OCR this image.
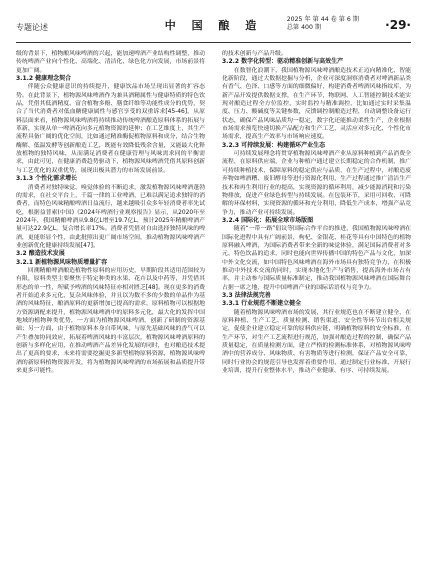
专题论述	中 国 酿 造	2025 年 第 44 卷 第 6 期
总第 400 期	·29·

级的背景下，植物酿风味啤酒的兴起，能加速啤酒产业结构性调整，推动传统啤酒产业向个性化、高端化、清洁化、绿色化方向发展，市场前景将更加广阔。

3.1.2 健康理念契合

伴随公众健康意识的持续提升，健康饮品市场呈现出显著的扩容态势。在此背景下，植物源风味啤酒作为兼具酒精属性与健康特质的特色饮品，凭借其低酒精度、富含植物多酚、膳食纤维等功能性成分的优势，契合了当代消费者对低血糖健康属性与感官享受的双重诉求[45-46]，从原料层面来看，植物源风味啤酒将持续推动传统啤酒酿造原料体系的拓展与革新，实现从单一啤酒花向多元植物资源的延伸；在工艺维度上，其生产流程具备广阔的优化空间，比如通过精准酶促植物原料和成分，结合生物酶解、低温发酵等创新酿造工艺，既能有效降低残余含量，又能最大化释放植物的独特风味，从而满足消费者在健康管理与风味需求同的平衡需求，由此可见，在健康消费趋势驱动下，植物源风味啤酒凭借其原料创新与工艺优化的双重优势，展现出极具潜力的市场发展前景。

3.1.3 个性化需求增长

消费者对独特味觉、嗅觉体验的不断追求，激发植物源风味啤酒蓬勃的需求，在社交平台上，千篇一律的工业啤酒，已难以满足追求独特的消费者，而特色风味精酿啤酒日益流行，越来越吸引众多年轻消费者率先试吃，根据益普索(中国)《2024年啤酒行业观察报告》显示，从2020年至2024年，我国精酿啤酒从9.8亿L增至19.7亿L，预计2025年精酿啤酒产量可达22.9亿L，复合增长率17%。消费者凭借对自由选择独特风味的啤酒，更能彰显个性，由此批照出更广阔市场空间，推动植物源风味啤酒产业创新优化健康持续发展[47]。

3.2 酿造技术发展
3.2.1 新植物源风味物质增量扩容

回溯精酿啤酒酿造植物性原料的应用历史，早期阶段其适用范围较为有限，原料类型主要聚焦于特定种类的水果、花卉以及中药等，并凭借其形态的单一性，所赋予啤酒的风味特征亦相对匮乏[48]。现在更多的消费者开始追求多元化、复杂风味体验，并且以为数不多的少数的单品作为基酒的风味特征，酿酒原料的更新增加已提高的需求，原料植物可以根据地方资源调配来提升，植物源风味啤酒中的原料多元化，最大化的发挥中国地域的植物种类优势，一方面为植物源风味啤酒，创新了研制的资源基础；另一方面，由于植物原料本身自带风味，与原先基础风味的香气可以产生叠加协同效应，拓展着啤酒风味的丰富层次，植物源风味啤酒原料的创新与多样化应用，在推动啤酒产品差异化发展的同时，也对酿造技术提出了更高的要求，未来将需要挖掘更多新型植物原料资源，植物源风味啤酒的新原料植物资源开发，将为植物源风味啤酒的市场拓展和品质提升带来更多可能性。

的技术创新与产品升级。

3.2.2 数字化转型：驱动精准创新与高效生产

在数智化浪潮下，我国植物源风味啤酒酿造技术正迈向精准化、智能化新阶段，通过大数据挖掘与分析，企业可深度洞察消费者对啤酒新品类有香气、色泽、口感等方面的细微偏好，构建消费者啤酒风味指纹库，为新产品开发提供数据支撑，在生产环节，物联网、人工智能控制技术能实现对酿造过程全方位监控，实时监控与精准调控，比如通过实时采集温度、压力、酸碱度等关键参数，反馈调控制酿造过程，自动调整设备运行状态，确保产品风味品质均一稳定，数字化还能推动柔性生产，企业根据市场需求预览快速切换产品配方和生产工艺，灵活应对多元化、个性化市场需求，提高生产效率与市场响应速度。

3.2.3 可持续发展：构建循环产业生态

可持续发展理念将贯穿植物源风味啤酒产业从原料种植到产品消费全流程，在原料供应端，企业与种植户通过建立长期稳定的合作机制，推广可持续种植技术，保障原料的稳定供应与品质，在生产过程中，对酿造废弃物如啤酒糟、废旧酵母等进行资源化利用，生产过程通过推广清洁生产技术和再生利用行业的提高，实现资源的循环利用，减少能源消耗和污染物排放，促进产业绿色转型与持续发展。在包装环节，采用可回收、可降解的环保材料，实现资源的循环和充分利用，降低生产成本，增强产品竞争力，推动产业可持续发展。

3.2.4 国际化：拓展全球市场版图

随着“一带一路”倡议等国际合作平台的推进，我国植物源风味啤酒在国际化进程中具有广阔前景，枸杞、金银花、桂花等具有中国特色的植物原料融入啤酒，为国际消费者带来全新的味觉体验，满足国际消费者对多元、特色饮品的追求，同时也能向世界传播中国的特色产品与文化，加深中外文化交流，如中国特色风味啤酒在海外市场具有独特竞争力，在积极推动中外技术交流的同时，实现本地化生产与销售，提高海外市场占有率，并主动参与国际质量标准制定，推动我国植物源风味啤酒在国际舞台占据一席之地，提升中国啤酒产业的国际话语权与竞争力。

3.3 法律法规完善
3.3.1 行业规范不断建立健全

随着植物源风味啤酒市场的发展，其行业规范也在不断建立健全，在原料种植、生产工艺、质量检测、销售渠道、安全性等环节出台相关规定，促使企业建立稳定可靠的原料供应链，明确植物原料的安全标准，在生产环节，对生产工艺流程进行规范，加强对酿造过程的控制，确保产品质量稳定，在质量检测方面，建立严格的检测标准体系，对植物源风味啤酒中的营养成分、风味物质、有害物质等进行检测，保证产品安全可靠，同时行业协会的规范引导也发挥着重要作用，通过制定行业标准、开展行业培训，提升行业整体水平，推动产业健康、有序、可持续发展。
